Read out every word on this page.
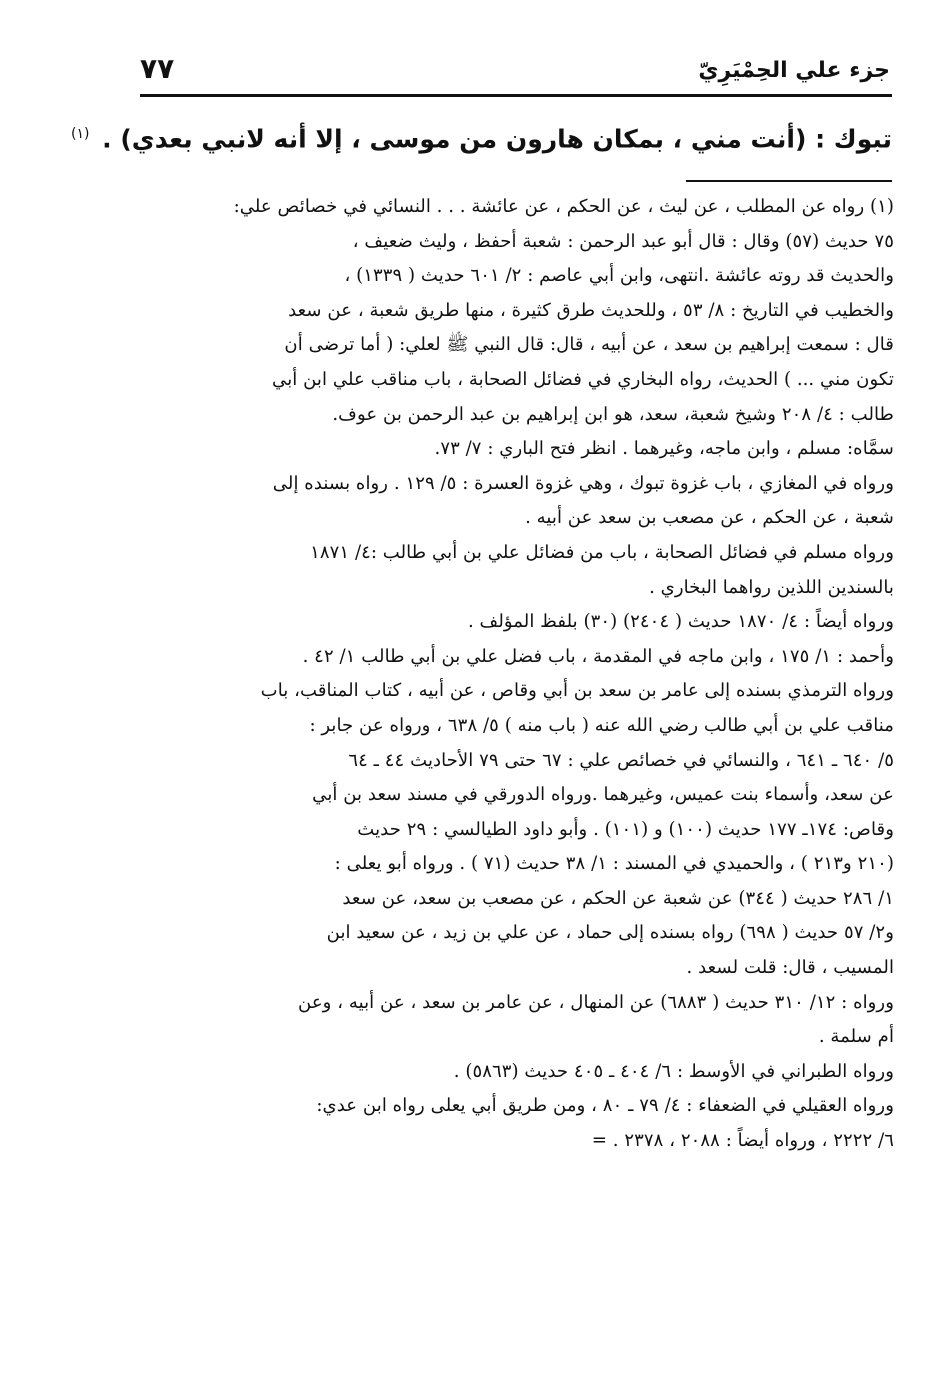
جزء علي الحِمْيَرِيّ
٧٧
تبوك : (أنت مني ، بمكان هارون من موسى ، إلا أنه لانبي بعدي) . $^{(١)}$
(١) رواه عن المطلب ، عن ليث ، عن الحكم ، عن عائشة . . . النسائي في خصائص علي:
٧٥ حديث (٥٧) وقال : قال أبو عبد الرحمن : شعبة أحفظ ، وليث ضعيف ،
والحديث قد روته عائشة .انتهى، وابن أبي عاصم : ٢/ ٦٠١ حديث ( ١٣٣٩) ،
والخطيب في التاريخ : ٨/ ٥٣ ، وللحديث طرق كثيرة ، منها طريق شعبة ، عن سعد
قال : سمعت إبراهيم بن سعد ، عن أبيه ، قال: قال النبي ﷺ لعلي: ( أما ترضى أن
تكون مني ... ) الحديث، رواه البخاري في فضائل الصحابة ، باب مناقب علي ابن أبي
طالب : ٤/ ٢٠٨ وشيخ شعبة، سعد، هو ابن إبراهيم بن عبد الرحمن بن عوف.
سمَّاه: مسلم ، وابن ماجه، وغيرهما . انظر فتح الباري : ٧/ ٧٣.
ورواه في المغازي ، باب غزوة تبوك ، وهي غزوة العسرة : ٥/ ١٢٩ . رواه بسنده إلى
شعبة ، عن الحكم ، عن مصعب بن سعد عن أبيه .
ورواه مسلم في فضائل الصحابة ، باب من فضائل علي بن أبي طالب :٤/ ١٨٧١
بالسندين اللذين رواهما البخاري .
ورواه أيضاً : ٤/ ١٨٧٠ حديث ( ٢٤٠٤) (٣٠) بلفظ المؤلف .
وأحمد : ١/ ١٧٥ ، وابن ماجه في المقدمة ، باب فضل علي بن أبي طالب ١/ ٤٢ .
ورواه الترمذي بسنده إلى عامر بن سعد بن أبي وقاص ، عن أبيه ، كتاب المناقب، باب
مناقب علي بن أبي طالب رضي الله عنه ( باب منه ) ٥/ ٦٣٨ ، ورواه عن جابر :
٥/ ٦٤٠ ـ ٦٤١ ، والنسائي في خصائص علي : ٦٧ حتى ٧٩ الأحاديث ٤٤ ـ ٦٤
عن سعد، وأسماء بنت عميس، وغيرهما .ورواه الدورقي في مسند سعد بن أبي
وقاص: ١٧٤ـ ١٧٧ حديث (١٠٠) و (١٠١) . وأبو داود الطيالسي : ٢٩ حديث
(٢١٠ و٢١٣ ) ، والحميدي في المسند : ١/ ٣٨ حديث (٧١ ) . ورواه أبو يعلى :
١/ ٢٨٦ حديث ( ٣٤٤) عن شعبة عن الحكم ، عن مصعب بن سعد، عن سعد
و٢/ ٥٧ حديث ( ٦٩٨) رواه بسنده إلى حماد ، عن علي بن زيد ، عن سعيد ابن
المسيب ، قال: قلت لسعد .
ورواه : ١٢/ ٣١٠ حديث ( ٦٨٨٣) عن المنهال ، عن عامر بن سعد ، عن أبيه ، وعن
أم سلمة .
ورواه الطبراني في الأوسط : ٦/ ٤٠٤ ـ ٤٠٥ حديث (٥٨٦٣) .
ورواه العقيلي في الضعفاء : ٤/ ٧٩ ـ ٨٠ ، ومن طريق أبي يعلى رواه ابن عدي:
٦/ ٢٢٢٢ ، ورواه أيضاً : ٢٠٨٨ ، ٢٣٧٨ . =
